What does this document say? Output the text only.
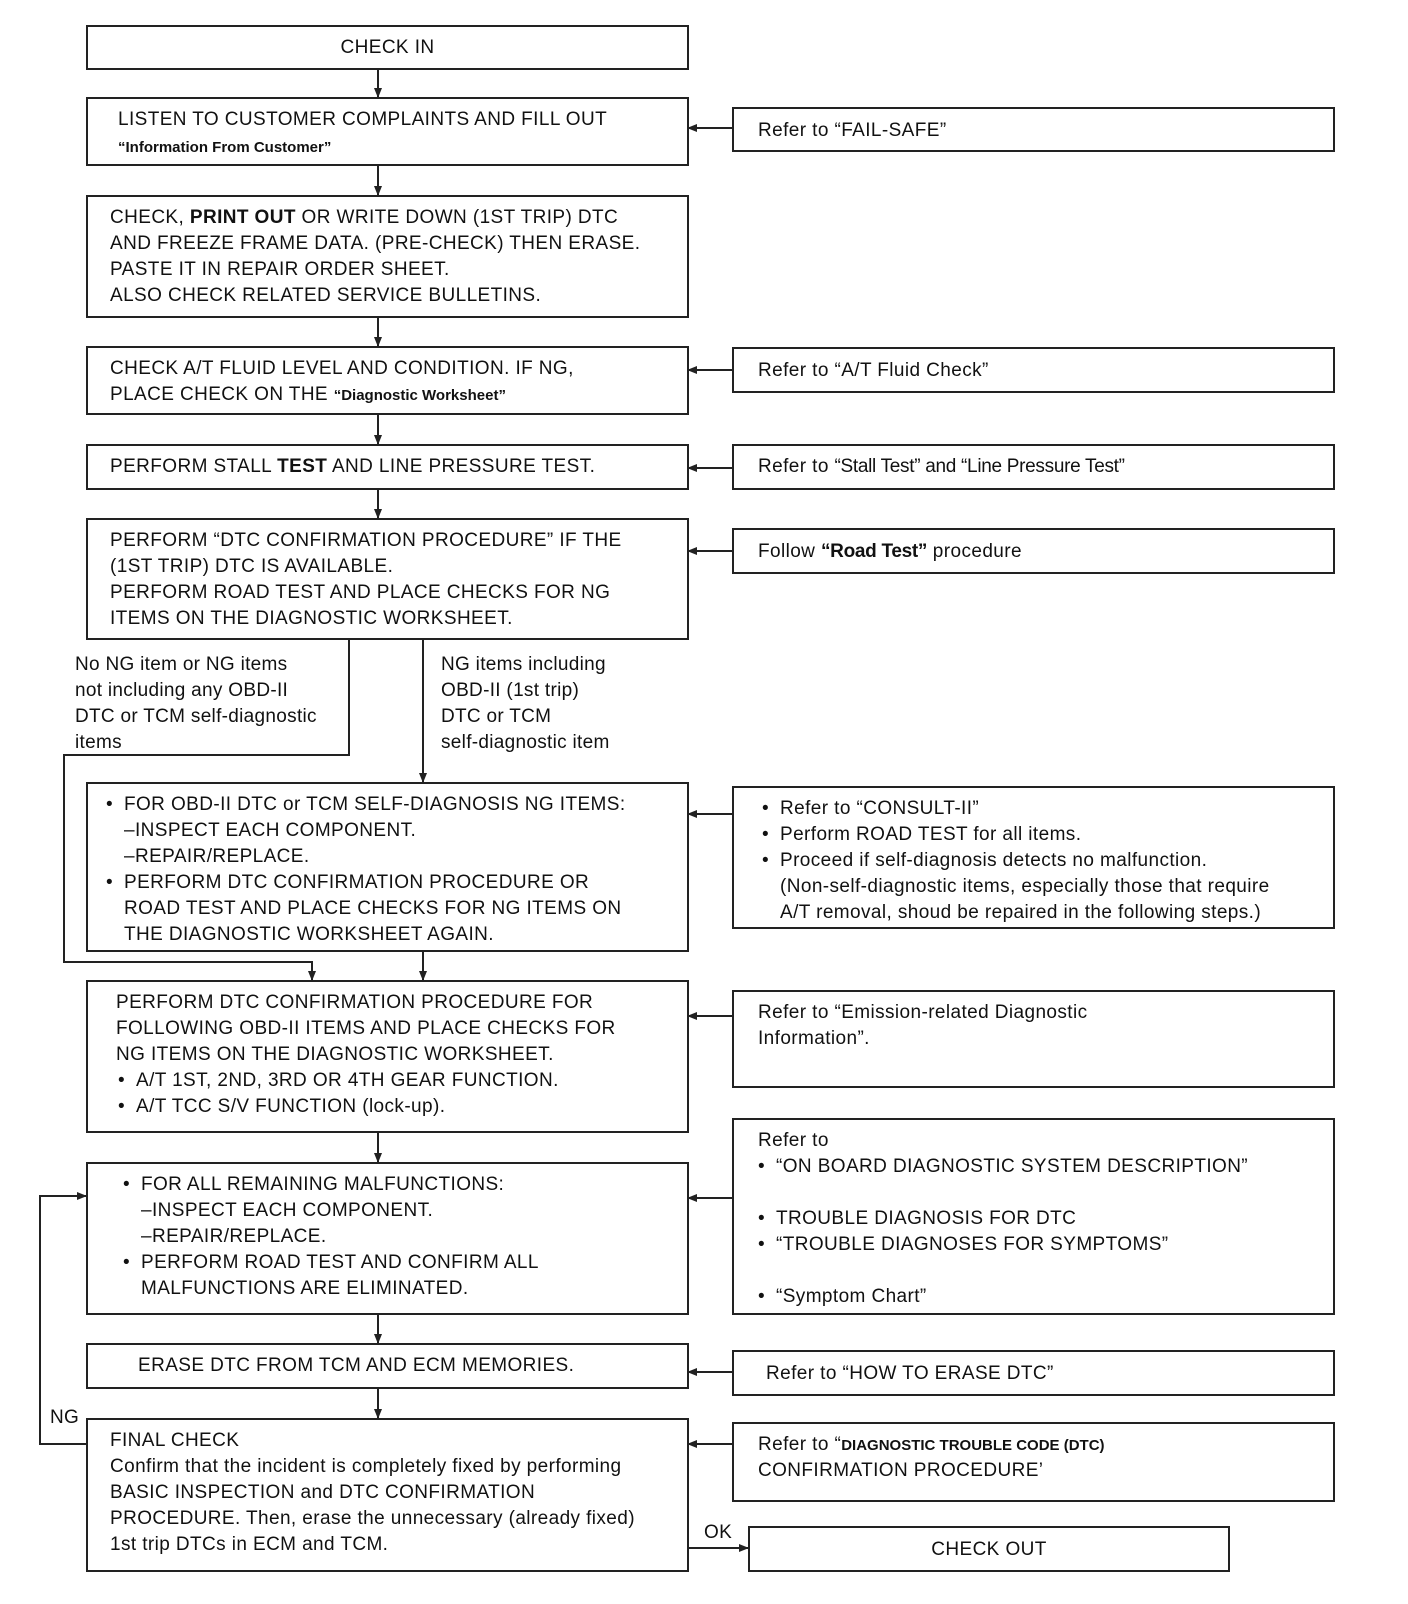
CHECK IN
LISTEN TO CUSTOMER COMPLAINTS AND FILL OUT
“Information From Customer”
CHECK, PRINT OUT OR WRITE DOWN (1ST TRIP) DTC
AND FREEZE FRAME DATA. (PRE-CHECK) THEN ERASE.
PASTE IT IN REPAIR ORDER SHEET.
ALSO CHECK RELATED SERVICE BULLETINS.
CHECK A/T FLUID LEVEL AND CONDITION. IF NG,
PLACE CHECK ON THE “Diagnostic Worksheet”
PERFORM STALL TEST AND LINE PRESSURE TEST.
PERFORM “DTC CONFIRMATION PROCEDURE” IF THE
(1ST TRIP) DTC IS AVAILABLE.
PERFORM ROAD TEST AND PLACE CHECKS FOR NG
ITEMS ON THE DIAGNOSTIC WORKSHEET.
No NG item or NG items
not including any OBD-II
DTC or TCM self-diagnostic
items
NG items including
OBD-II (1st trip)
DTC or TCM
self-diagnostic item
• FOR OBD-II DTC or TCM SELF-DIAGNOSIS NG ITEMS:
–INSPECT EACH COMPONENT.
–REPAIR/REPLACE.
• PERFORM DTC CONFIRMATION PROCEDURE OR
ROAD TEST AND PLACE CHECKS FOR NG ITEMS ON
THE DIAGNOSTIC WORKSHEET AGAIN.
PERFORM DTC CONFIRMATION PROCEDURE FOR
FOLLOWING OBD-II ITEMS AND PLACE CHECKS FOR
NG ITEMS ON THE DIAGNOSTIC WORKSHEET.
• A/T 1ST, 2ND, 3RD OR 4TH GEAR FUNCTION.
• A/T TCC S/V FUNCTION (lock-up).
• FOR ALL REMAINING MALFUNCTIONS:
–INSPECT EACH COMPONENT.
–REPAIR/REPLACE.
• PERFORM ROAD TEST AND CONFIRM ALL
MALFUNCTIONS ARE ELIMINATED.
ERASE DTC FROM TCM AND ECM MEMORIES.
NG
FINAL CHECK
Confirm that the incident is completely fixed by performing
BASIC INSPECTION and DTC CONFIRMATION
PROCEDURE. Then, erase the unnecessary (already fixed)
1st trip DTCs in ECM and TCM.
OK
CHECK OUT
Refer to “FAIL-SAFE”
Refer to “A/T Fluid Check”
Refer to “Stall Test” and “Line Pressure Test”
Follow “Road Test” procedure
• Refer to “CONSULT-II”
• Perform ROAD TEST for all items.
• Proceed if self-diagnosis detects no malfunction.
(Non-self-diagnostic items, especially those that require
A/T removal, shoud be repaired in the following steps.)
Refer to “Emission-related Diagnostic
Information”.
Refer to
• “ON BOARD DIAGNOSTIC SYSTEM DESCRIPTION”
• TROUBLE DIAGNOSIS FOR DTC
• “TROUBLE DIAGNOSES FOR SYMPTOMS”
• “Symptom Chart”
Refer to “HOW TO ERASE DTC”
Refer to “DIAGNOSTIC TROUBLE CODE (DTC)
CONFIRMATION PROCEDURE’
